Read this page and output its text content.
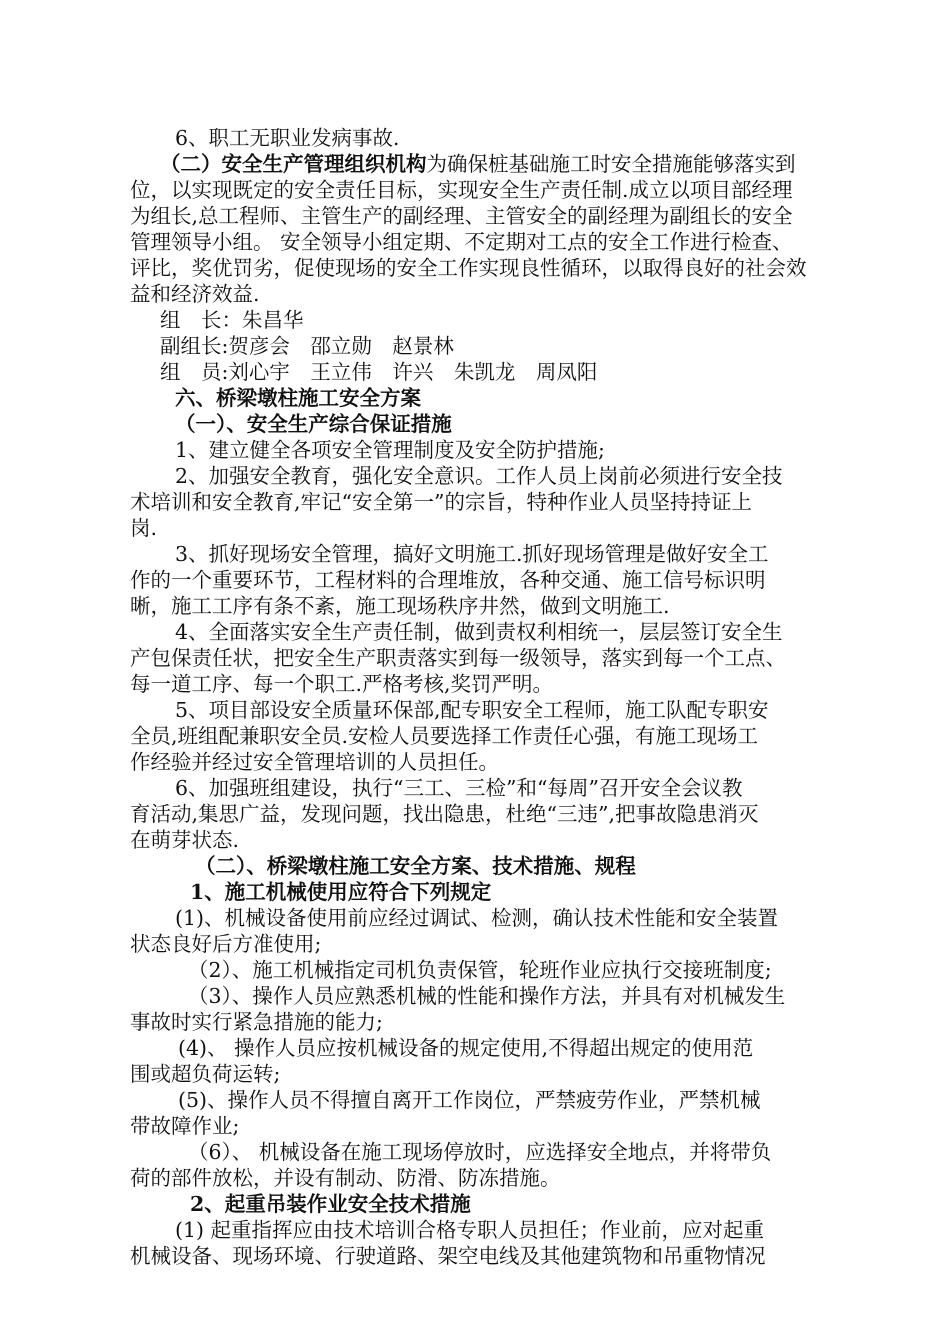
6、职工无职业发病事故.
（二）安全生产管理组织机构为确保桩基础施工时安全措施能够落实到
位，以实现既定的安全责任目标，实现安全生产责任制.成立以项目部经理
为组长,总工程师、主管生产的副经理、主管安全的副经理为副组长的安全
管理领导小组。 安全领导小组定期、不定期对工点的安全工作进行检查、
评比，奖优罚劣，促使现场的安全工作实现良性循环，以取得良好的社会效
益和经济效益.
组　长：朱昌华
副组长:贺彦会　邵立勋　赵景林
组　员:刘心宇　王立伟　许兴　朱凯龙　周凤阳
六、桥梁墩柱施工安全方案
（一）、安全生产综合保证措施
1、建立健全各项安全管理制度及安全防护措施;
2、加强安全教育，强化安全意识。工作人员上岗前必须进行安全技
术培训和安全教育,牢记“安全第一”的宗旨，特种作业人员坚持持证上
岗.
3、抓好现场安全管理，搞好文明施工.抓好现场管理是做好安全工
作的一个重要环节，工程材料的合理堆放，各种交通、施工信号标识明
晰，施工工序有条不紊，施工现场秩序井然，做到文明施工.
4、全面落实安全生产责任制，做到责权利相统一，层层签订安全生
产包保责任状，把安全生产职责落实到每一级领导，落实到每一个工点、
每一道工序、每一个职工.严格考核,奖罚严明。
5、项目部设安全质量环保部,配专职安全工程师，施工队配专职安
全员,班组配兼职安全员.安检人员要选择工作责任心强，有施工现场工
作经验并经过安全管理培训的人员担任。
6、加强班组建设，执行“三工、三检”和“每周”召开安全会议教
育活动,集思广益，发现问题，找出隐患，杜绝“三违”,把事故隐患消灭
在萌芽状态.
（二）、桥梁墩柱施工安全方案、技术措施、规程
1、施工机械使用应符合下列规定
(1)、机械设备使用前应经过调试、检测，确认技术性能和安全装置
状态良好后方准使用;
（2）、施工机械指定司机负责保管，轮班作业应执行交接班制度;
（3）、操作人员应熟悉机械的性能和操作方法，并具有对机械发生
事故时实行紧急措施的能力;
(4)、 操作人员应按机械设备的规定使用,不得超出规定的使用范
围或超负荷运转;
(5)、操作人员不得擅自离开工作岗位，严禁疲劳作业，严禁机械
带故障作业;
（6）、 机械设备在施工现场停放时，应选择安全地点，并将带负
荷的部件放松，并设有制动、防滑、防冻措施。
2、起重吊装作业安全技术措施
(1) 起重指挥应由技术培训合格专职人员担任；作业前，应对起重
机械设备、现场环境、行驶道路、架空电线及其他建筑物和吊重物情况
